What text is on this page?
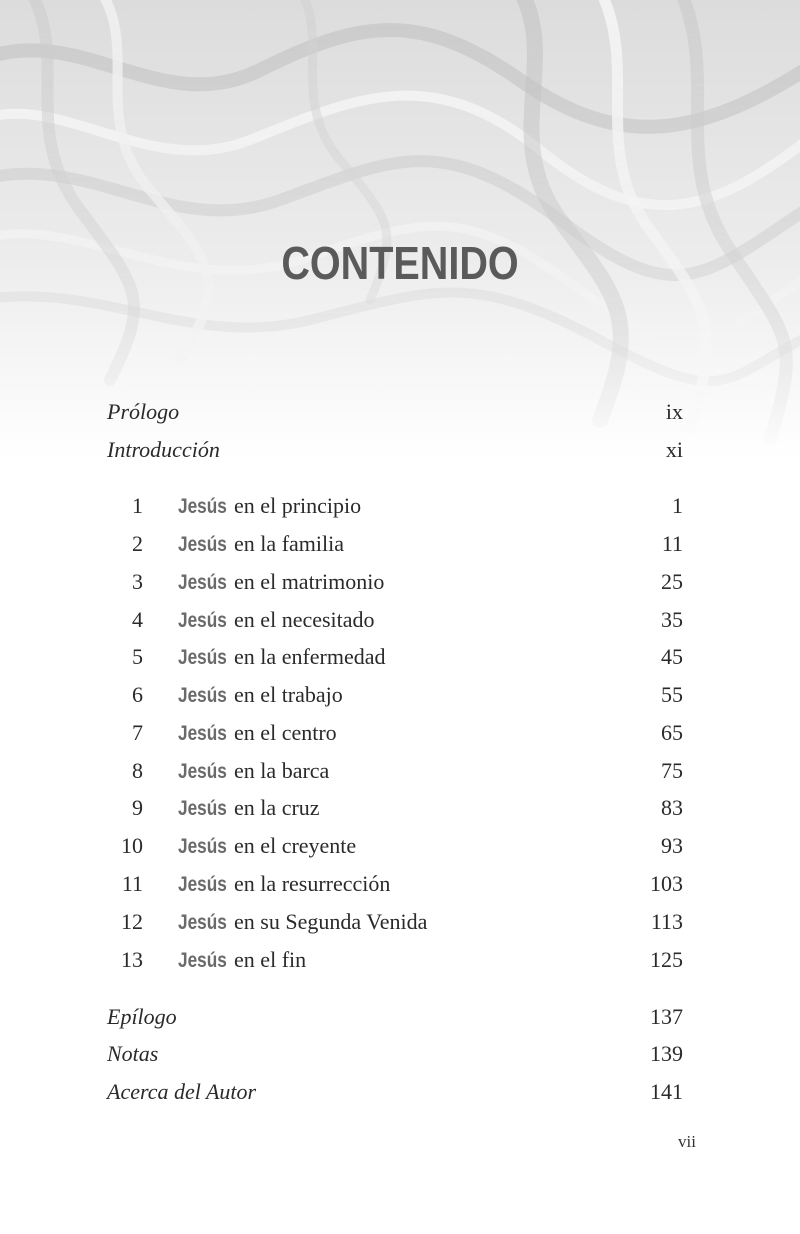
CONTENIDO
Prólogo	ix
Introducción	xi
1 Jesús en el principio	1
2 Jesús en la familia	11
3 Jesús en el matrimonio	25
4 Jesús en el necesitado	35
5 Jesús en la enfermedad	45
6 Jesús en el trabajo	55
7 Jesús en el centro	65
8 Jesús en la barca	75
9 Jesús en la cruz	83
10 Jesús en el creyente	93
11 Jesús en la resurrección	103
12 Jesús en su Segunda Venida	113
13 Jesús en el fin	125
Epílogo	137
Notas	139
Acerca del Autor	141
vii
